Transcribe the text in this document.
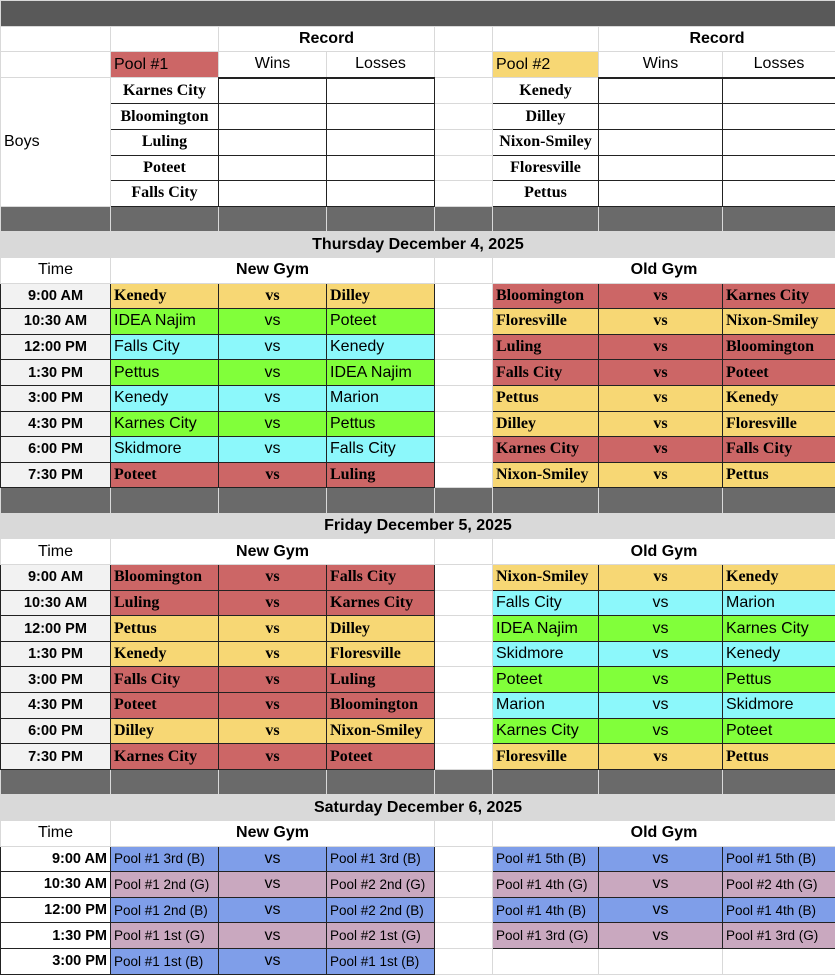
		Record				Record	
	Pool #1	Wins	Losses		Pool #2	Wins	Losses
Boys	Karnes City				Kenedy		
	Bloomington				Dilley		
	Luling				Nixon-Smiley		
	Poteet				Floresville		
	Falls City				Pettus		

Thursday December 4, 2025							
Time	New Gym				Old Gym		
9:00 AM	Kenedy	vs	Dilley		Bloomington	vs	Karnes City
10:30 AM	IDEA Najim	vs	Poteet		Floresville	vs	Nixon-Smiley
12:00 PM	Falls City	vs	Kenedy		Luling	vs	Bloomington
1:30 PM	Pettus	vs	IDEA Najim		Falls City	vs	Poteet
3:00 PM	Kenedy	vs	Marion		Pettus	vs	Kenedy
4:30 PM	Karnes City	vs	Pettus		Dilley	vs	Floresville
6:00 PM	Skidmore	vs	Falls City		Karnes City	vs	Falls City
7:30 PM	Poteet	vs	Luling		Nixon-Smiley	vs	Pettus

Friday December 5, 2025							
Time	New Gym				Old Gym		
9:00 AM	Bloomington	vs	Falls City		Nixon-Smiley	vs	Kenedy
10:30 AM	Luling	vs	Karnes City		Falls City	vs	Marion
12:00 PM	Pettus	vs	Dilley		IDEA Najim	vs	Karnes City
1:30 PM	Kenedy	vs	Floresville		Skidmore	vs	Kenedy
3:00 PM	Falls City	vs	Luling		Poteet	vs	Pettus
4:30 PM	Poteet	vs	Bloomington		Marion	vs	Skidmore
6:00 PM	Dilley	vs	Nixon-Smiley		Karnes City	vs	Poteet
7:30 PM	Karnes City	vs	Poteet		Floresville	vs	Pettus

Saturday December 6, 2025							
Time	New Gym				Old Gym		
9:00 AM	Pool #1 3rd (B)	vs	Pool #1 3rd (B)		Pool #1 5th (B)	vs	Pool #1 5th (B)
10:30 AM	Pool #1 2nd (G)	vs	Pool #2 2nd (G)		Pool #1 4th (G)	vs	Pool #2 4th (G)
12:00 PM	Pool #1 2nd (B)	vs	Pool #2 2nd (B)		Pool #1 4th (B)	vs	Pool #1 4th (B)
1:30 PM	Pool #1 1st (G)	vs	Pool #2 1st (G)		Pool #1 3rd (G)	vs	Pool #1 3rd (G)
3:00 PM	Pool #1 1st (B)	vs	Pool #1 1st (B)				
